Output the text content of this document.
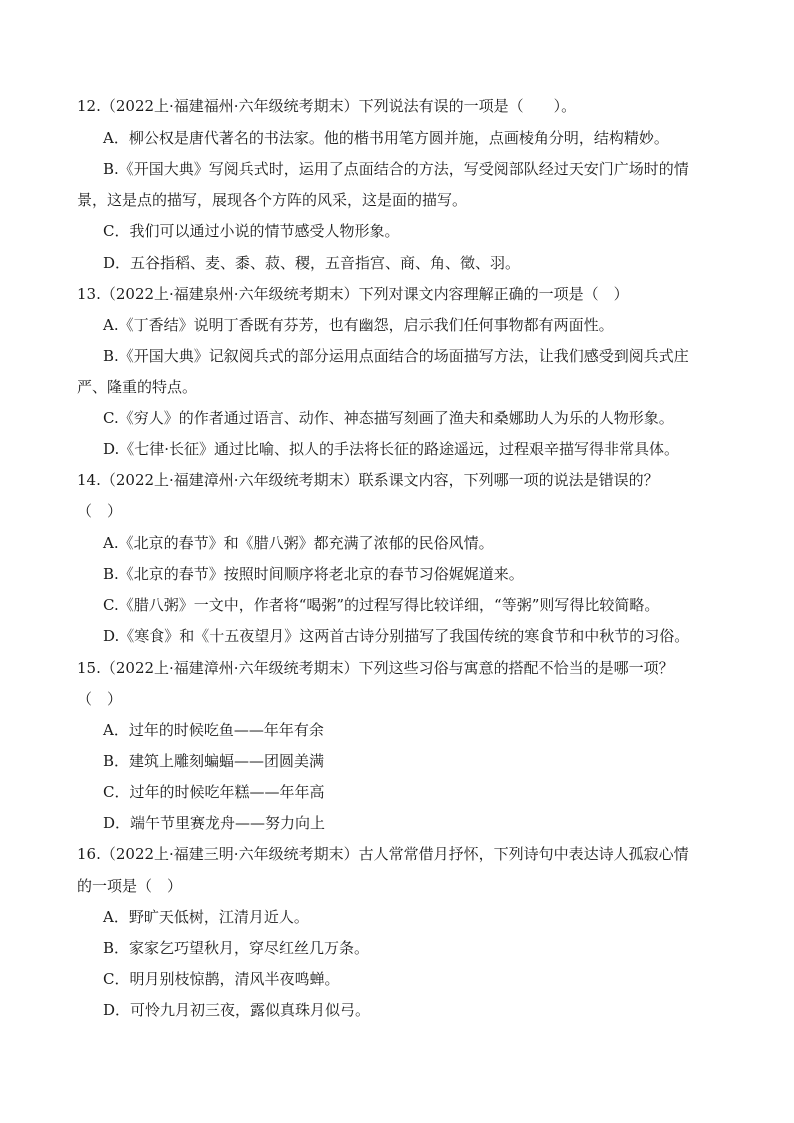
12.（2022上·福建福州·六年级统考期末）下列说法有误的一项是（　　）。
A．柳公权是唐代著名的书法家。他的楷书用笔方圆并施，点画棱角分明，结构精妙。
B.《开国大典》写阅兵式时，运用了点面结合的方法，写受阅部队经过天安门广场时的情
景，这是点的描写，展现各个方阵的风采，这是面的描写。
C．我们可以通过小说的情节感受人物形象。
D．五谷指稻、麦、黍、菽、稷，五音指宫、商、角、徵、羽。
13.（2022上·福建泉州·六年级统考期末）下列对课文内容理解正确的一项是（　）
A.《丁香结》说明丁香既有芬芳，也有幽怨，启示我们任何事物都有两面性。
B.《开国大典》记叙阅兵式的部分运用点面结合的场面描写方法，让我们感受到阅兵式庄
严、隆重的特点。
C.《穷人》的作者通过语言、动作、神态描写刻画了渔夫和桑娜助人为乐的人物形象。
D.《七律·长征》通过比喻、拟人的手法将长征的路途遥远，过程艰辛描写得非常具体。
14.（2022上·福建漳州·六年级统考期末）联系课文内容，下列哪一项的说法是错误的？
（　）
A.《北京的春节》和《腊八粥》都充满了浓郁的民俗风情。
B.《北京的春节》按照时间顺序将老北京的春节习俗娓娓道来。
C.《腊八粥》一文中，作者将“喝粥”的过程写得比较详细，“等粥”则写得比较简略。
D.《寒食》和《十五夜望月》这两首古诗分别描写了我国传统的寒食节和中秋节的习俗。
15.（2022上·福建漳州·六年级统考期末）下列这些习俗与寓意的搭配不恰当的是哪一项？
（　）
A．过年的时候吃鱼——年年有余
B．建筑上雕刻蝙蝠——团圆美满
C．过年的时候吃年糕——年年高
D．端午节里赛龙舟——努力向上
16.（2022上·福建三明·六年级统考期末）古人常常借月抒怀，下列诗句中表达诗人孤寂心情
的一项是（　）
A．野旷天低树，江清月近人。
B．家家乞巧望秋月，穿尽红丝几万条。
C．明月别枝惊鹊，清风半夜鸣蝉。
D．可怜九月初三夜，露似真珠月似弓。
